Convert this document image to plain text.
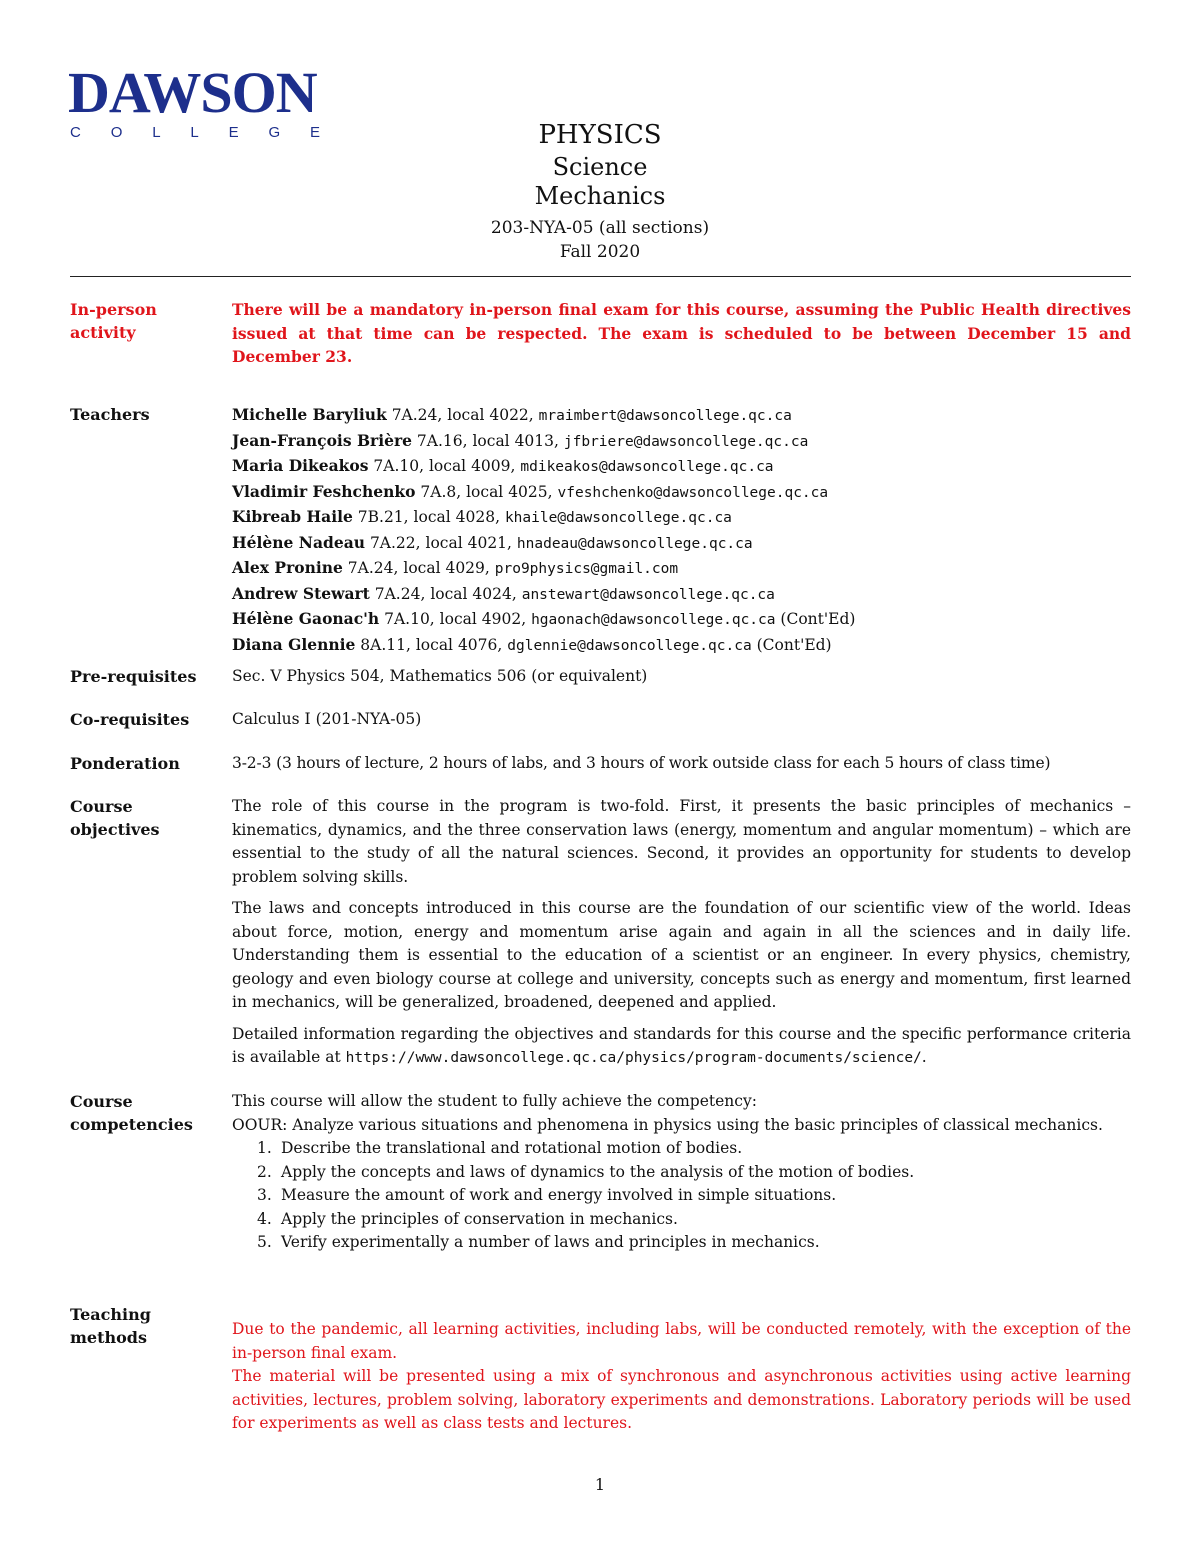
DAWSON
C O L L E G E	PHYSICS
Science
Mechanics
203-NYA-05 (all sections)
Fall 2020
In-person
activity
There will be a mandatory in-person final exam for this course, assuming the Public Health directives issued at that time can be respected. The exam is scheduled to be between December 15 and December 23.
Teachers	Michelle Baryliuk 7A.24, local 4022, mraimbert@dawsoncollege.qc.ca
Jean-François Brière 7A.16, local 4013, jfbriere@dawsoncollege.qc.ca
Maria Dikeakos 7A.10, local 4009, mdikeakos@dawsoncollege.qc.ca
Vladimir Feshchenko 7A.8, local 4025, vfeshchenko@dawsoncollege.qc.ca
Kibreab Haile 7B.21, local 4028, khaile@dawsoncollege.qc.ca
Hélène Nadeau 7A.22, local 4021, hnadeau@dawsoncollege.qc.ca
Alex Pronine 7A.24, local 4029, pro9physics@gmail.com
Andrew Stewart 7A.24, local 4024, anstewart@dawsoncollege.qc.ca
Hélène Gaonac'h 7A.10, local 4902, hgaonach@dawsoncollege.qc.ca (Cont'Ed)
Diana Glennie 8A.11, local 4076, dglennie@dawsoncollege.qc.ca (Cont'Ed)
Pre-requisites	Sec. V Physics 504, Mathematics 506 (or equivalent)
Co-requisites	Calculus I (201-NYA-05)
Ponderation	3-2-3 (3 hours of lecture, 2 hours of labs, and 3 hours of work outside class for each 5 hours of class time)
Course
objectives

The role of this course in the program is two-fold. First, it presents the basic principles of mechanics – kinematics, dynamics, and the three conservation laws (energy, momentum and angular momentum) – which are essential to the study of all the natural sciences. Second, it provides an opportunity for students to develop problem solving skills.

The laws and concepts introduced in this course are the foundation of our scientific view of the world. Ideas about force, motion, energy and momentum arise again and again in all the sciences and in daily life. Understanding them is essential to the education of a scientist or an engineer. In every physics, chemistry, geology and even biology course at college and university, concepts such as energy and momentum, first learned in mechanics, will be generalized, broadened, deepened and applied.

Detailed information regarding the objectives and standards for this course and the specific performance criteria is available at https://www.dawsoncollege.qc.ca/physics/program-documents/science/.

Course
competencies
This course will allow the student to fully achieve the competency:
OOUR: Analyze various situations and phenomena in physics using the basic principles of classical mechanics.
1. Describe the translational and rotational motion of bodies.
2. Apply the concepts and laws of dynamics to the analysis of the motion of bodies.
3. Measure the amount of work and energy involved in simple situations.
4. Apply the principles of conservation in mechanics.
5. Verify experimentally a number of laws and principles in mechanics.
Teaching
methods	Due to the pandemic, all learning activities, including labs, will be conducted remotely, with the exception of the in-person final exam.
The material will be presented using a mix of synchronous and asynchronous activities using active learning activities, lectures, problem solving, laboratory experiments and demonstrations. Laboratory periods will be used for experiments as well as class tests and lectures.
1
